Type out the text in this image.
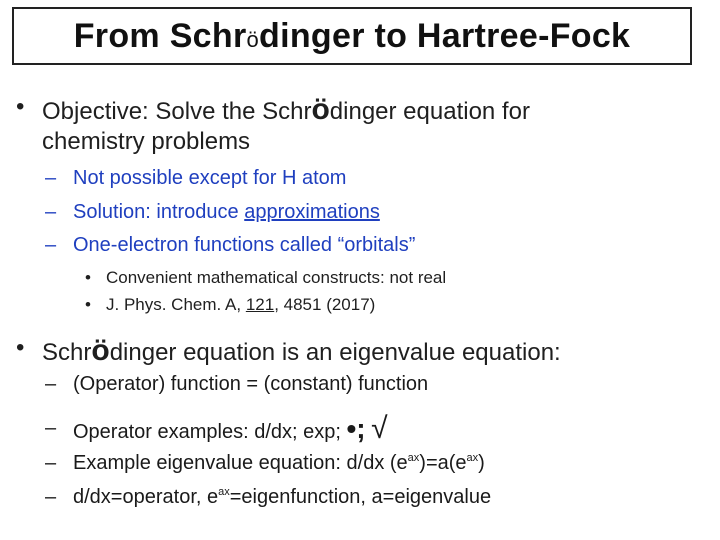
From Schrödinger to Hartree-Fock
• Objective: Solve the Schrödinger equation for
chemistry problems
– Not possible except for H atom
– Solution: introduce approximations
– One-electron functions called “orbitals”
• Convenient mathematical constructs: not real
• J. Phys. Chem. A, 121, 4851 (2017)
• Schrödinger equation is an eigenvalue equation:
– (Operator) function = (constant) function
– Operator examples: d/dx; exp; •; √
– Example eigenvalue equation: d/dx $(e^{ax})=a(e^{ax})$
– d/dx=operator, $e^{ax}=eigenfunction$, a=eigenvalue
